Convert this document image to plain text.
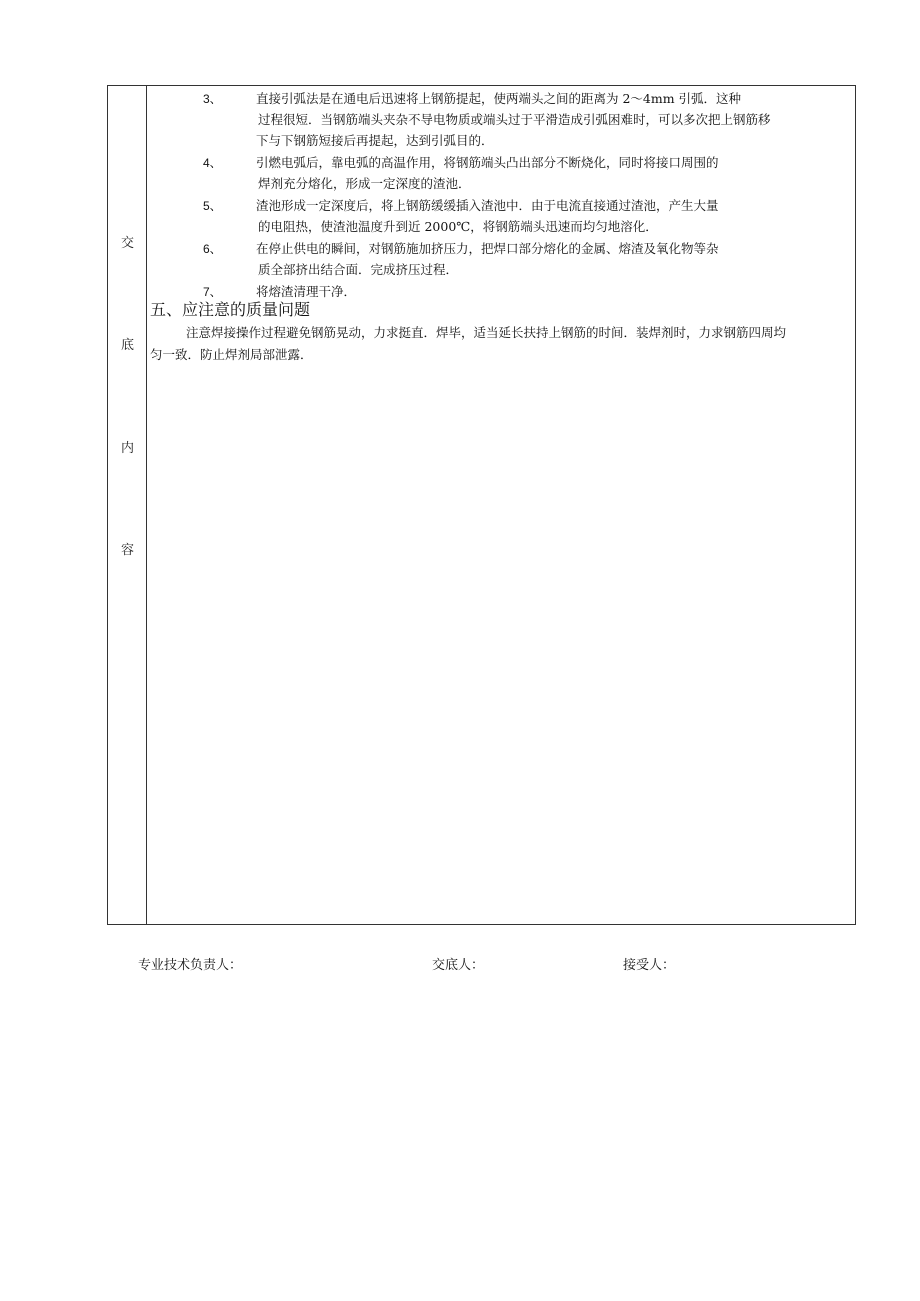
交
底
内
容
3、	直接引弧法是在通电后迅速将上钢筋提起，使两端头之间的距离为 2～4mm 引弧．这种
过程很短．当钢筋端头夹杂不导电物质或端头过于平滑造成引弧困难时，可以多次把上钢筋移
下与下钢筋短接后再提起，达到引弧目的．
4、	引燃电弧后，靠电弧的高温作用，将钢筋端头凸出部分不断烧化，同时将接口周围的
焊剂充分熔化，形成一定深度的渣池．
5、	渣池形成一定深度后，将上钢筋缓缓插入渣池中．由于电流直接通过渣池，产生大量
的电阻热，使渣池温度升到近 2000℃，将钢筋端头迅速而均匀地溶化．
6、	在停止供电的瞬间，对钢筋施加挤压力，把焊口部分熔化的金属、熔渣及氧化物等杂
质全部挤出结合面．完成挤压过程．
7、	将熔渣清理干净．
五、应注意的质量问题
注意焊接操作过程避免钢筋晃动，力求挺直．焊毕，适当延长扶持上钢筋的时间．装焊剂时，力求钢筋四周均
匀一致．防止焊剂局部泄露．
专业技术负责人：	交底人：	接受人：
